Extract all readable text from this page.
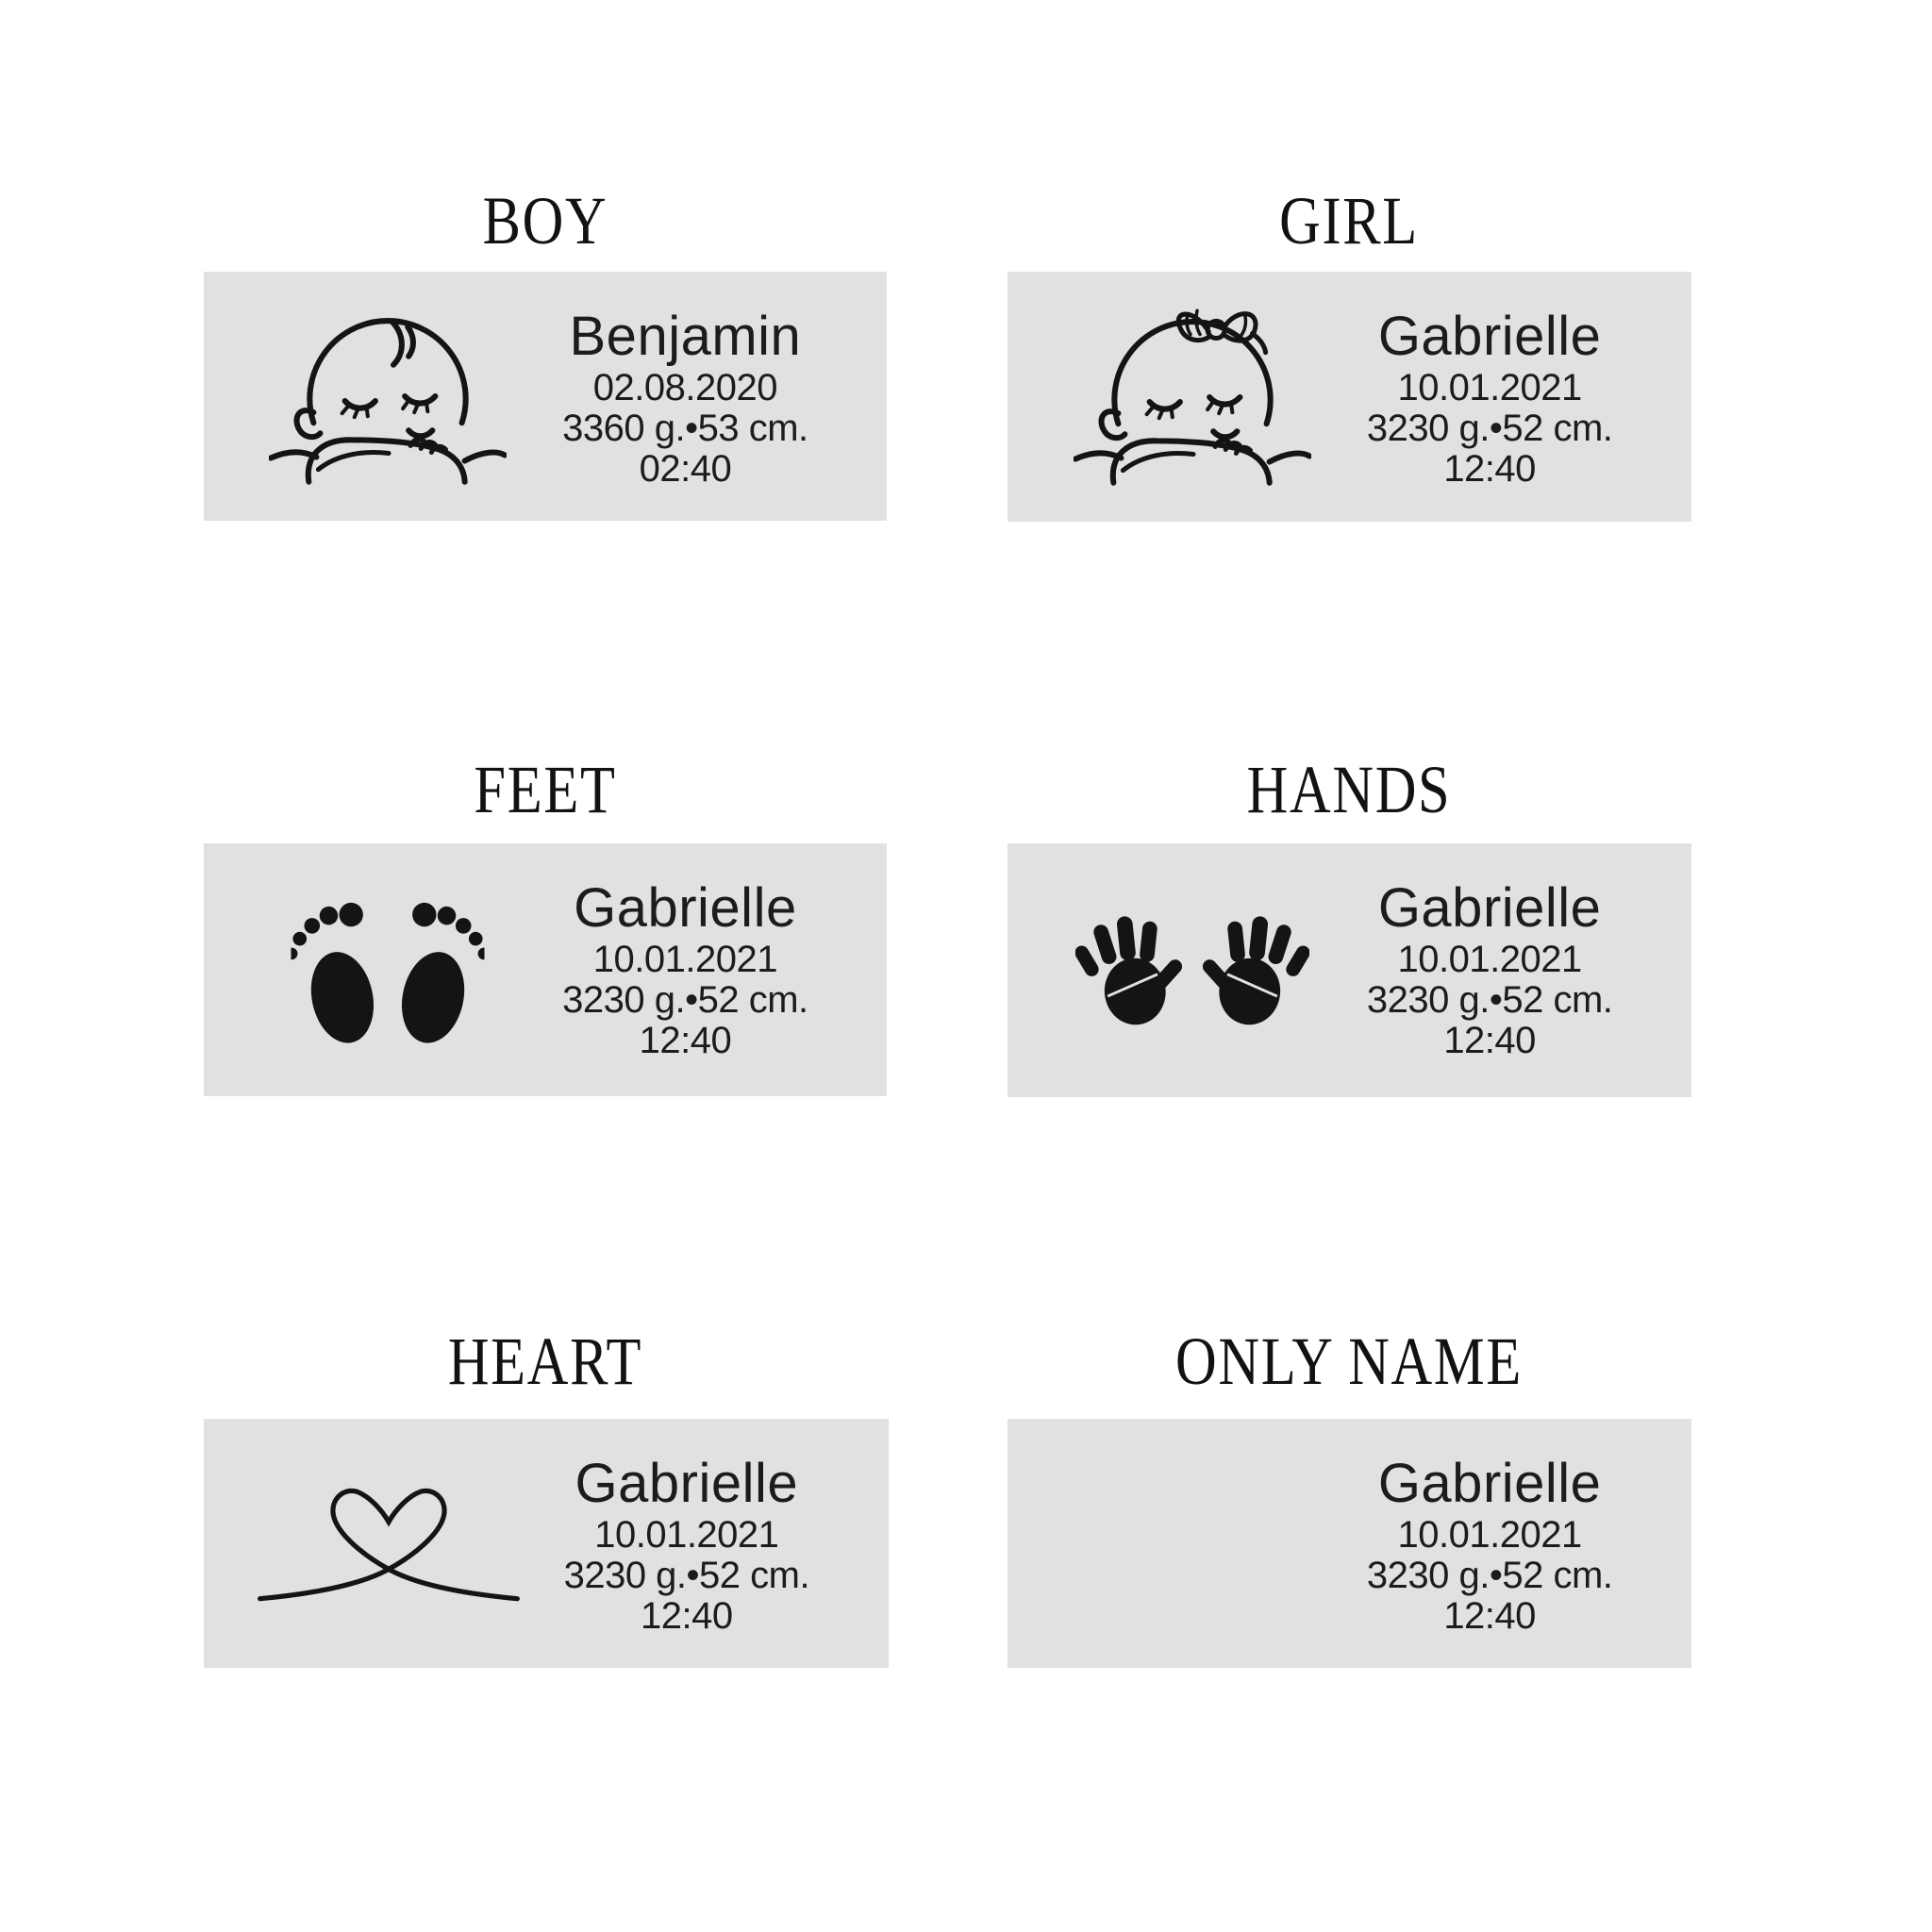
BOY
Benjamin
02.08.2020
3360 g.•53 cm.
02:40
GIRL
Gabrielle
10.01.2021
3230 g.•52 cm.
12:40
FEET
Gabrielle
10.01.2021
3230 g.•52 cm.
12:40
HANDS
Gabrielle
10.01.2021
3230 g.•52 cm.
12:40
HEART
Gabrielle
10.01.2021
3230 g.•52 cm.
12:40
ONLY NAME
Gabrielle
10.01.2021
3230 g.•52 cm.
12:40
